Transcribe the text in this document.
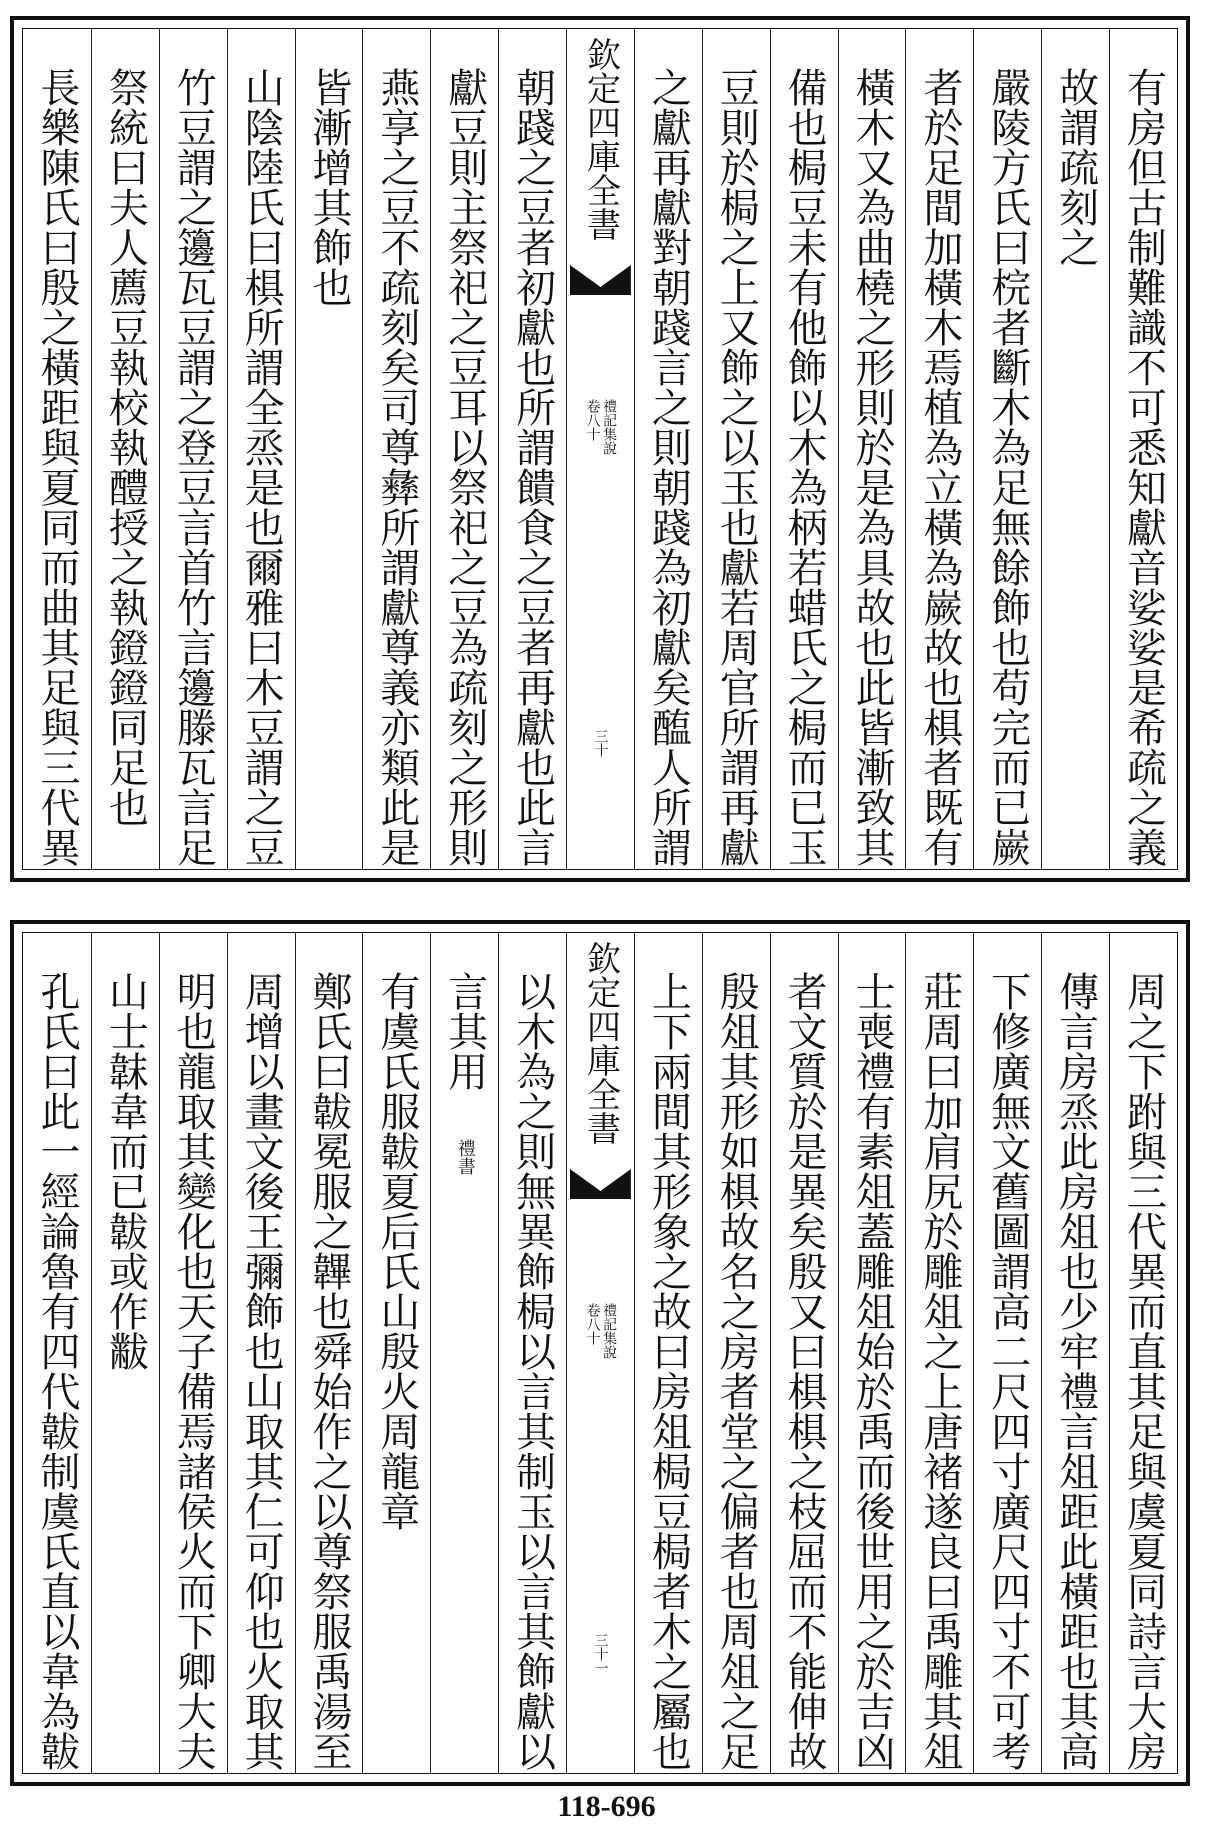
有房但古制難識不可悉知獻音娑娑是希疏之義
故謂疏刻之
嚴陵方氏曰梡者斷木為足無餘飾也苟完而已嶡
者於足間加橫木焉植為立橫為嶡故也椇者既有
橫木又為曲橈之形則於是為具故也此皆漸致其
備也梮豆未有他飾以木為柄若蜡氏之梮而已玉
豆則於梮之上又飾之以玉也獻若周官所謂再獻
之獻再獻對朝踐言之則朝踐為初獻矣醢人所謂
欽定四庫全書
禮記集說
卷八十
三十
朝踐之豆者初獻也所謂饋食之豆者再獻也此言
獻豆則主祭祀之豆耳以祭祀之豆為疏刻之形則
燕享之豆不疏刻矣司尊彝所謂獻尊義亦類此是
皆漸增其飾也
山陰陸氏曰椇所謂全烝是也爾雅曰木豆謂之豆
竹豆謂之籩瓦豆謂之登豆言首竹言籩滕瓦言足
祭統曰夫人薦豆執校執醴授之執鐙鐙同足也
長樂陳氏曰殷之橫距與夏同而曲其足與三代異
周之下跗與三代異而直其足與虞夏同詩言大房
傳言房烝此房俎也少牢禮言俎距此橫距也其高
下修廣無文舊圖謂高二尺四寸廣尺四寸不可考
莊周曰加肩尻於雕俎之上唐褚遂良曰禹雕其俎
士喪禮有素俎蓋雕俎始於禹而後世用之於吉凶
者文質於是異矣殷又曰椇椇之枝屈而不能伸故
殷俎其形如椇故名之房者堂之偏者也周俎之足
上下兩間其形象之故曰房俎梮豆梮者木之屬也
欽定四庫全書
禮記集說
卷八十
三十一
以木為之則無異飾梮以言其制玉以言其飾獻以
言其用
禮書
有虞氏服韍夏后氏山殷火周龍章
鄭氏曰韍冕服之韠也舜始作之以尊祭服禹湯至
周增以畫文後王彌飾也山取其仁可仰也火取其
明也龍取其變化也天子備焉諸侯火而下卿大夫
山士韎韋而已韍或作黻
孔氏曰此一經論魯有四代韍制虞氏直以韋為韍
118-696
